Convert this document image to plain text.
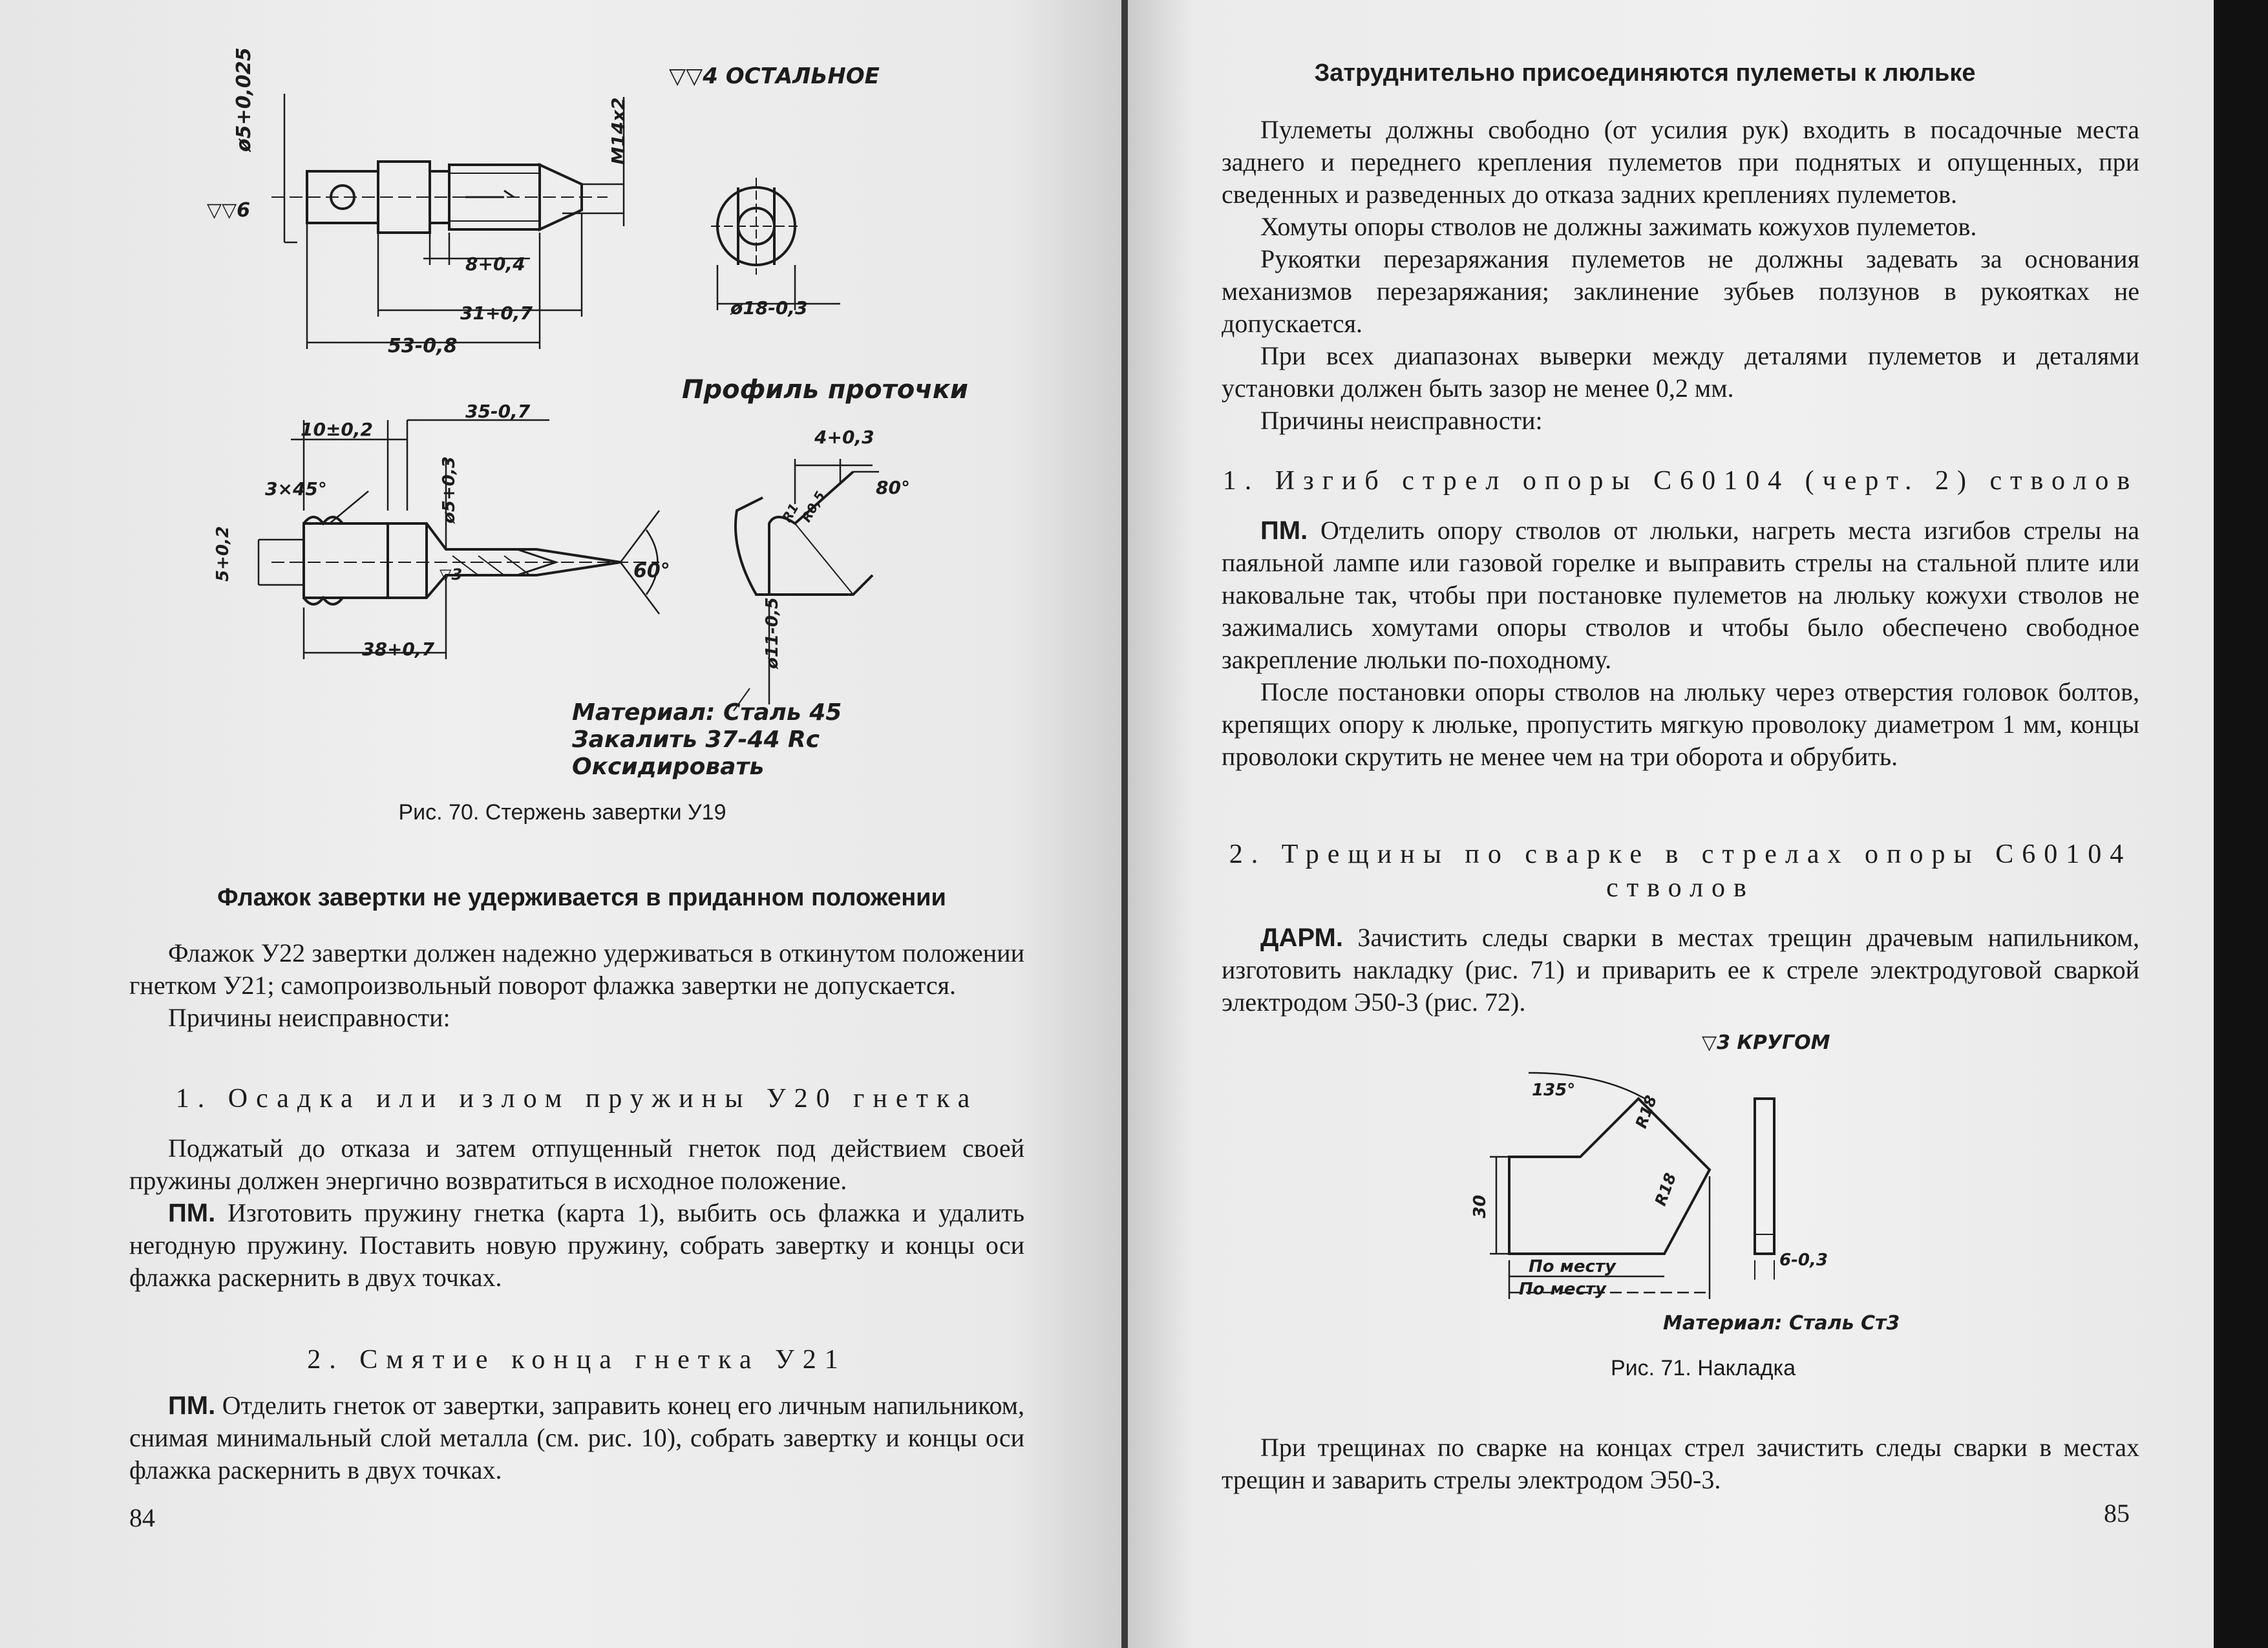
▽▽4 ОСТАЛЬНОЕ
ø5+0,025	M14x2
▽▽6
8+0,4
31+0,7
53-0,8
ø18-0,3
Профиль проточки
10±0,2
35-0,7
3×45°
5+0,2
ø5+0,3
▽3	60°
38+0,7
4+0,3
R1
R0,5
80°
ø11-0,5
Материал: Сталь 45
Закалить 37-44 Rс
Оксидировать
Рис. 70. Стержень завертки У19
Флажок завертки не удерживается в приданном положении

Флажок У22 завертки должен надежно удерживаться в откинутом положении гнетком У21; самопроизвольный поворот флажка завертки не допускается.

Причины неисправности:

1. Осадка или излом пружины У20 гнетка

Поджатый до отказа и затем отпущенный гнеток под действием своей пружины должен энергично возвратиться в исходное положение.

ПМ. Изготовить пружину гнетка (карта 1), выбить ось флажка и удалить негодную пружину. Поставить новую пружину, собрать завертку и концы оси флажка раскернить в двух точках.

2. Смятие конца гнетка У21

ПМ. Отделить гнеток от завертки, заправить конец его личным напильником, снимая минимальный слой металла (см. рис. 10), собрать завертку и концы оси флажка раскернить в двух точках.

84
Затруднительно присоединяются пулеметы к люльке

Пулеметы должны свободно (от усилия рук) входить в посадочные места заднего и переднего крепления пулеметов при поднятых и опущенных, при сведенных и разведенных до отказа задних креплениях пулеметов.

Хомуты опоры стволов не должны зажимать кожухов пулеметов.

Рукоятки перезаряжания пулеметов не должны задевать за основания механизмов перезаряжания; заклинение зубьев ползунов в рукоятках не допускается.

При всех диапазонах выверки между деталями пулеметов и деталями установки должен быть зазор не менее 0,2 мм.

Причины неисправности:

1. Изгиб стрел опоры С60104 (черт. 2) стволов

ПМ. Отделить опору стволов от люльки, нагреть места изгибов стрелы на паяльной лампе или газовой горелке и выправить стрелы на стальной плите или наковальне так, чтобы при постановке пулеметов на люльку кожухи стволов не зажимались хомутами опоры стволов и чтобы было обеспечено свободное закрепление люльки по-походному.

После постановки опоры стволов на люльку через отверстия головок болтов, крепящих опору к люльке, пропустить мягкую проволоку диаметром 1 мм, концы проволоки скрутить не менее чем на три оборота и обрубить.

2. Трещины по сварке в стрелах опоры С60104
стволов

ДАРМ. Зачистить следы сварки в местах трещин драчевым напильником, изготовить накладку (рис. 71) и приварить ее к стреле электродуговой сваркой электродом Э50-3 (рис. 72).

135°
R18
R18
30
6-0,3
По месту
По месту
▽3 КРУГОМ
Материал: Сталь Ст3
Рис. 71. Накладка

При трещинах по сварке на концах стрел зачистить следы сварки в местах трещин и заварить стрелы электродом Э50-3.

85
